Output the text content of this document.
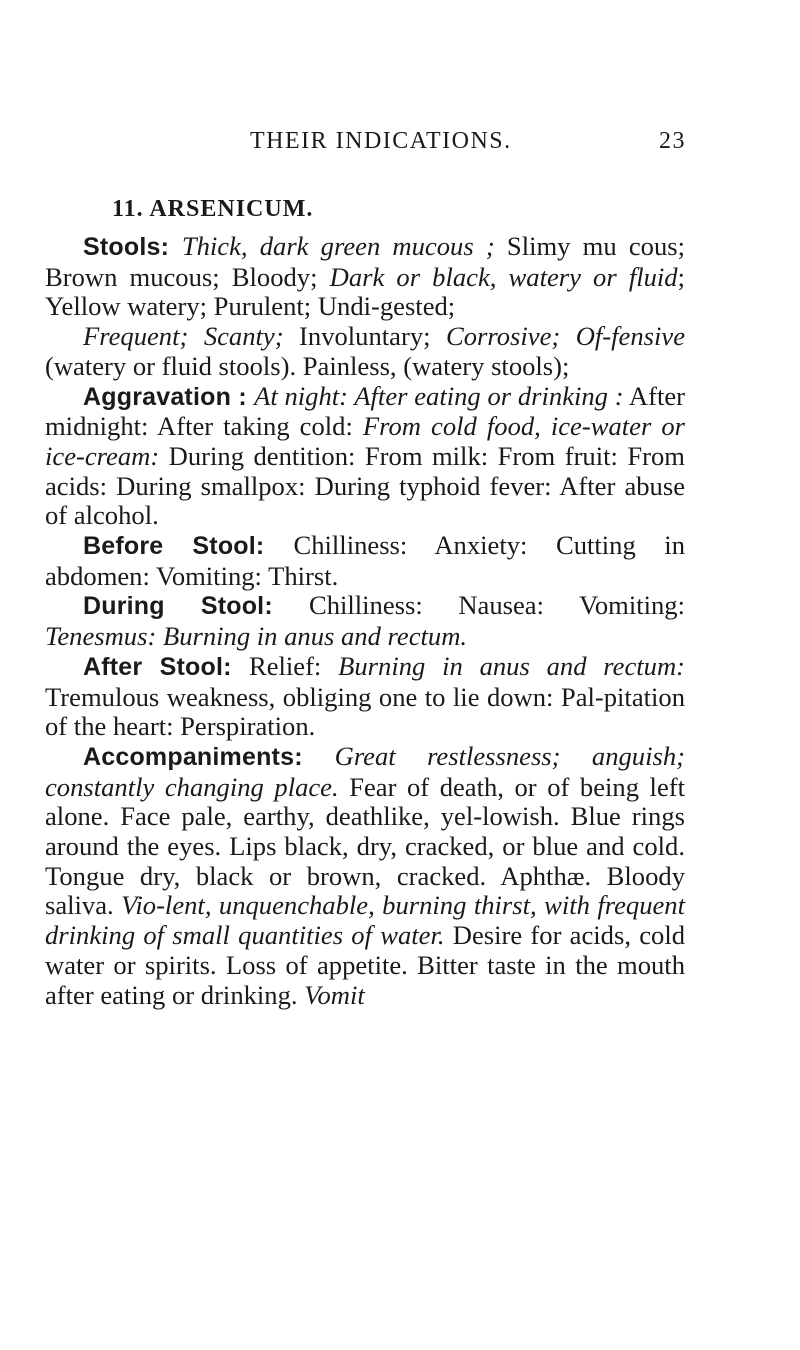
THEIR INDICATIONS.	23
11. ARSENICUM.

Stools: Thick, dark green mucous ; Slimy mu cous; Brown mucous; Bloody; Dark or black, watery or fluid; Yellow watery; Purulent; Undi-gested;

Frequent; Scanty; Involuntary; Corrosive; Of-fensive (watery or fluid stools). Painless, (watery stools);

Aggravation : At night: After eating or drinking : After midnight: After taking cold: From cold food, ice-water or ice-cream: During dentition: From milk: From fruit: From acids: During smallpox: During typhoid fever: After abuse of alcohol.

Before Stool: Chilliness: Anxiety: Cutting in abdomen: Vomiting: Thirst.

During Stool: Chilliness: Nausea: Vomiting: Tenesmus: Burning in anus and rectum.

After Stool: Relief: Burning in anus and rectum: Tremulous weakness, obliging one to lie down: Pal-pitation of the heart: Perspiration.

Accompaniments: Great restlessness; anguish; constantly changing place. Fear of death, or of being left alone. Face pale, earthy, deathlike, yel-lowish. Blue rings around the eyes. Lips black, dry, cracked, or blue and cold. Tongue dry, black or brown, cracked. Aphthæ. Bloody saliva. Vio-lent, unquenchable, burning thirst, with frequent drinking of small quantities of water. Desire for acids, cold water or spirits. Loss of appetite. Bitter taste in the mouth after eating or drinking. Vomit
